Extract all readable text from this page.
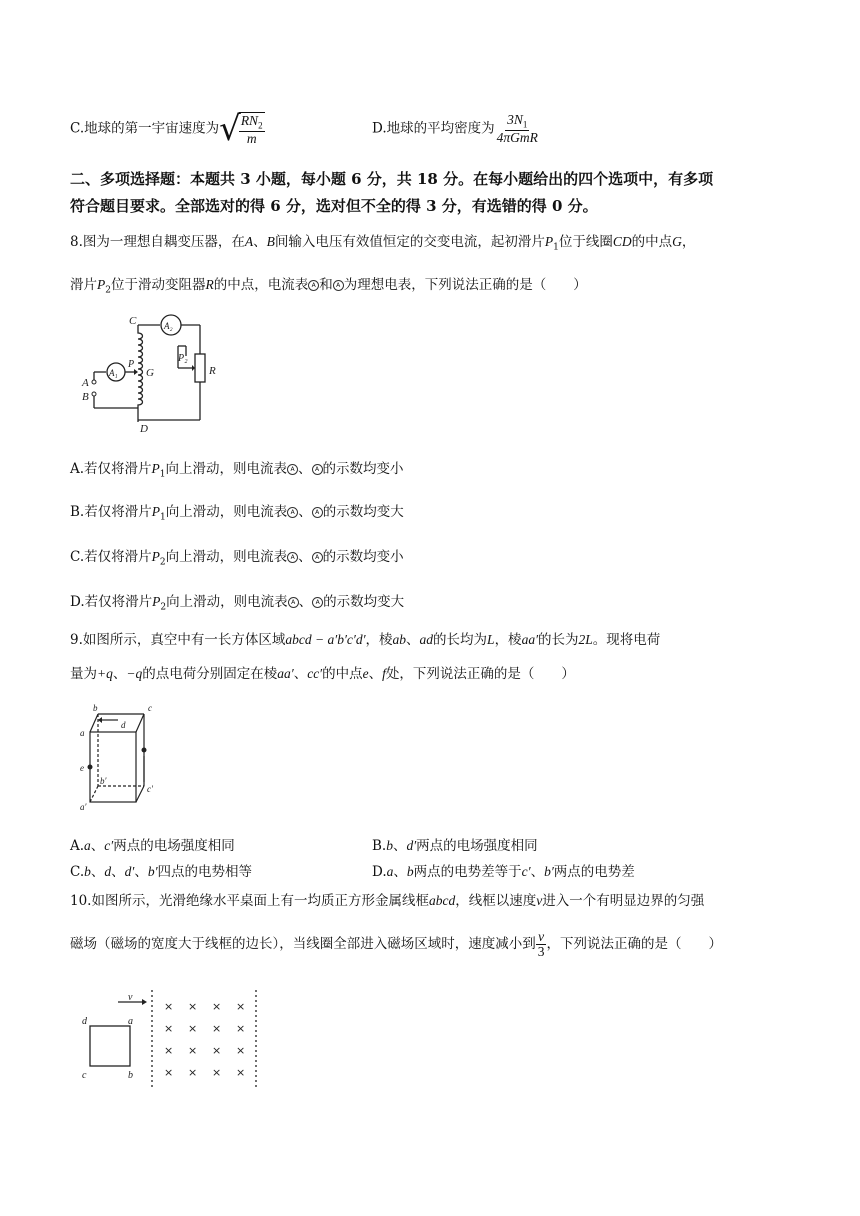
C.地球的第一宇宙速度为 √
$\frac{RN_2}{m}$	D.地球的平均密度为 $\frac{3N_1}{\text{4πGmR}}$
二、多项选择题：本题共 3 小题，每小题 6 分，共 18 分。在每小题给出的四个选项中，有多项
符合题目要求。全部选对的得 6 分，选对但不全的得 3 分，有选错的得 0 分。
8.图为一理想自耦变压器，在A、B间输入电压有效值恒定的交变电流，起初滑片$P_1$位于线圈CD的中点G，
滑片$P_2$位于滑动变阻器R的中点，电流表 A 和 A 为理想电表，下列说法正确的是（　　）
C	A₂
P₂
R
A₁
P
G
A
B
D
A.若仅将滑片$P_1$向上滑动，则电流表 A 、 A 的示数均变小
B.若仅将滑片$P_1$向上滑动，则电流表 A 、 A 的示数均变大
C.若仅将滑片$P_2$向上滑动，则电流表 A 、 A 的示数均变小
D.若仅将滑片$P_2$向上滑动，则电流表 A 、 A 的示数均变大
9.如图所示，真空中有一长方体区域abcd − a′b′c′d′，棱ab、ad的长均为L，棱aa′的长为2L。现将电荷
量为+q、−q的点电荷分别固定在棱aa′、cc′的中点e、f处，下列说法正确的是（　　）
b	c
d
a
e
b′
c′
a′
A.a、c′两点的电场强度相同	B.b、d′两点的电场强度相同
C.b、d、d′、b′四点的电势相等	D.a、b两点的电势差等于c′、b′两点的电势差
10.如图所示，光滑绝缘水平桌面上有一均质正方形金属线框abcd，线框以速度v进入一个有明显边界的匀强
磁场（磁场的宽度大于线框的边长），当线圈全部进入磁场区域时，速度减小到 $\frac{v}{3}$ ，下列说法正确的是（　　）
v
d	a
c	b
× × × ×
× × × ×
× × × ×
× × × ×
